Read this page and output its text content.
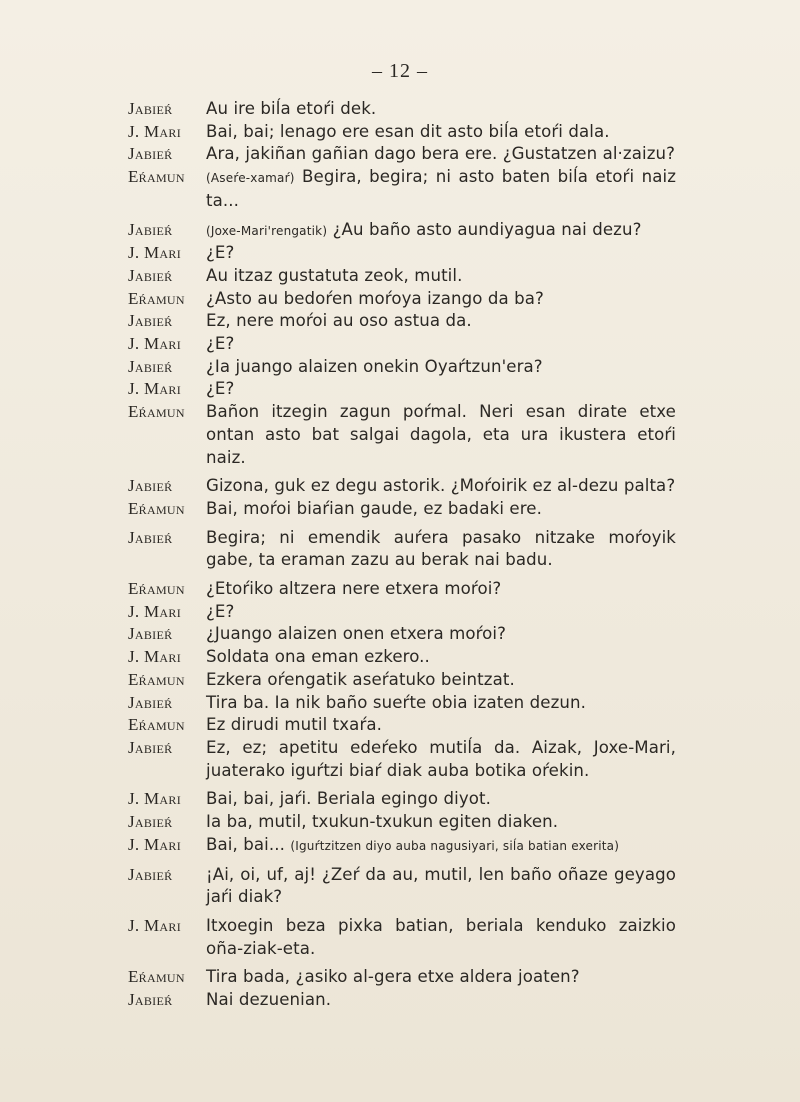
– 12 –
Jabieŕ	Au ire biĺa etoŕi dek.
J. Mari	Bai, bai; lenago ere esan dit asto biĺa etoŕi dala.
Jabieŕ	Ara, jakiñan gañian dago bera ere. ¿Gustatzen al·zaizu?
Eŕamun	(Aseŕe-xamaŕ) Begira, begira; ni asto baten biĺa etoŕi naiz ta...
Jabieŕ	(Joxe-Mari'rengatik) ¿Au baño asto aundiyagua nai dezu?
J. Mari	¿E?
Jabieŕ	Au itzaz gustatuta zeok, mutil.
Eŕamun	¿Asto au bedoŕen moŕoya izango da ba?
Jabieŕ	Ez, nere moŕoi au oso astua da.
J. Mari	¿E?
Jabieŕ	¿Ia juango alaizen onekin Oyaŕtzun'era?
J. Mari	¿E?
Eŕamun	Bañon itzegin zagun poŕmal. Neri esan dirate etxe ontan asto bat salgai dagola, eta ura ikustera etoŕi naiz.
Jabieŕ	Gizona, guk ez degu astorik. ¿Moŕoirik ez al-dezu palta?
Eŕamun	Bai, moŕoi biaŕian gaude, ez badaki ere.
Jabieŕ	Begira; ni emendik auŕera pasako nitzake moŕoyik gabe, ta eraman zazu au berak nai badu.
Eŕamun	¿Etoŕiko altzera nere etxera moŕoi?
J. Mari	¿E?
Jabieŕ	¿Juango alaizen onen etxera moŕoi?
J. Mari	Soldata ona eman ezkero..
Eŕamun	Ezkera oŕengatik aseŕatuko beintzat.
Jabieŕ	Tira ba. Ia nik baño sueŕte obia izaten dezun.
Eŕamun	Ez dirudi mutil txaŕa.
Jabieŕ	Ez, ez; apetitu edeŕeko mutiĺa da. Aizak, Joxe-Mari, juaterako iguŕtzi biaŕ diak auba botika oŕekin.
J. Mari	Bai, bai, jaŕi. Beriala egingo diyot.
Jabieŕ	Ia ba, mutil, txukun-txukun egiten diaken.
J. Mari	Bai, bai... (Iguŕtzitzen diyo auba nagusiyari, siĺa batian exerita)
Jabieŕ	¡Ai, oi, uf, aj! ¿Zeŕ da au, mutil, len baño oñaze geyago jaŕi diak?
J. Mari	Itxoegin beza pixka batian, beriala kenduko zaizkio oña-ziak-eta.
Eŕamun	Tira bada, ¿asiko al-gera etxe aldera joaten?
Jabieŕ	Nai dezuenian.
